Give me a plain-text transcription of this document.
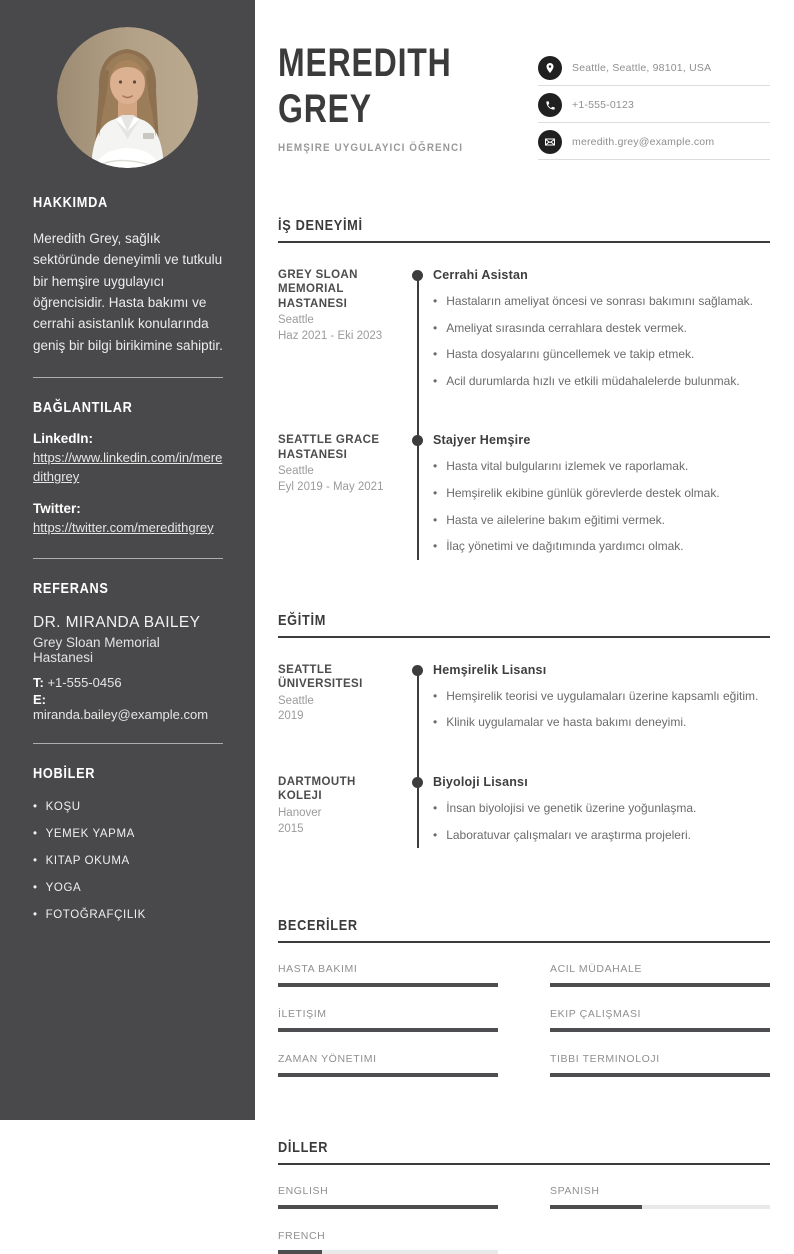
HAKKIMDA

Meredith Grey, sağlık sektöründe deneyimli ve tutkulu bir hemşire uygulayıcı öğrencisidir. Hasta bakımı ve cerrahi asistanlık konularında geniş bir bilgi birikimine sahiptir.

BAĞLANTILAR
LinkedIn:
https://www.linkedin.com/in/meredithgrey
Twitter:
https://twitter.com/meredithgrey
REFERANS
DR. MIRANDA BAILEY
Grey Sloan Memorial Hastanesi
T: +1-555-0456
E: miranda.bailey@example.com
HOBİLER
• KOŞU
• YEMEK YAPMA
• KITAP OKUMA
• YOGA
• FOTOĞRAFÇILIK
MEREDITH
GREY
HEMŞIRE UYGULAYICI ÖĞRENCI
Seattle, Seattle, 98101, USA
+1-555-0123
meredith.grey@example.com
İŞ DENEYİMİ
GREY SLOAN MEMORIAL HASTANESI
Seattle
Haz 2021 - Eki 2023
Cerrahi Asistan
• Hastaların ameliyat öncesi ve sonrası bakımını sağlamak.
• Ameliyat sırasında cerrahlara destek vermek.
• Hasta dosyalarını güncellemek ve takip etmek.
• Acil durumlarda hızlı ve etkili müdahalelerde bulunmak.
SEATTLE GRACE HASTANESI
Seattle
Eyl 2019 - May 2021
Stajyer Hemşire
• Hasta vital bulgularını izlemek ve raporlamak.
• Hemşirelik ekibine günlük görevlerde destek olmak.
• Hasta ve ailelerine bakım eğitimi vermek.
• İlaç yönetimi ve dağıtımında yardımcı olmak.
EĞİTİM
SEATTLE ÜNIVERSITESI
Seattle
2019
Hemşirelik Lisansı
• Hemşirelik teorisi ve uygulamaları üzerine kapsamlı eğitim.
• Klinik uygulamalar ve hasta bakımı deneyimi.
DARTMOUTH KOLEJI
Hanover
2015
Biyoloji Lisansı
• İnsan biyolojisi ve genetik üzerine yoğunlaşma.
• Laboratuvar çalışmaları ve araştırma projeleri.
BECERİLER
HASTA BAKIMI	ACIL MÜDAHALE
İLETIŞIM	EKIP ÇALIŞMASI
ZAMAN YÖNETIMI	TIBBI TERMINOLOJI
DİLLER
ENGLISH	SPANISH
FRENCH
